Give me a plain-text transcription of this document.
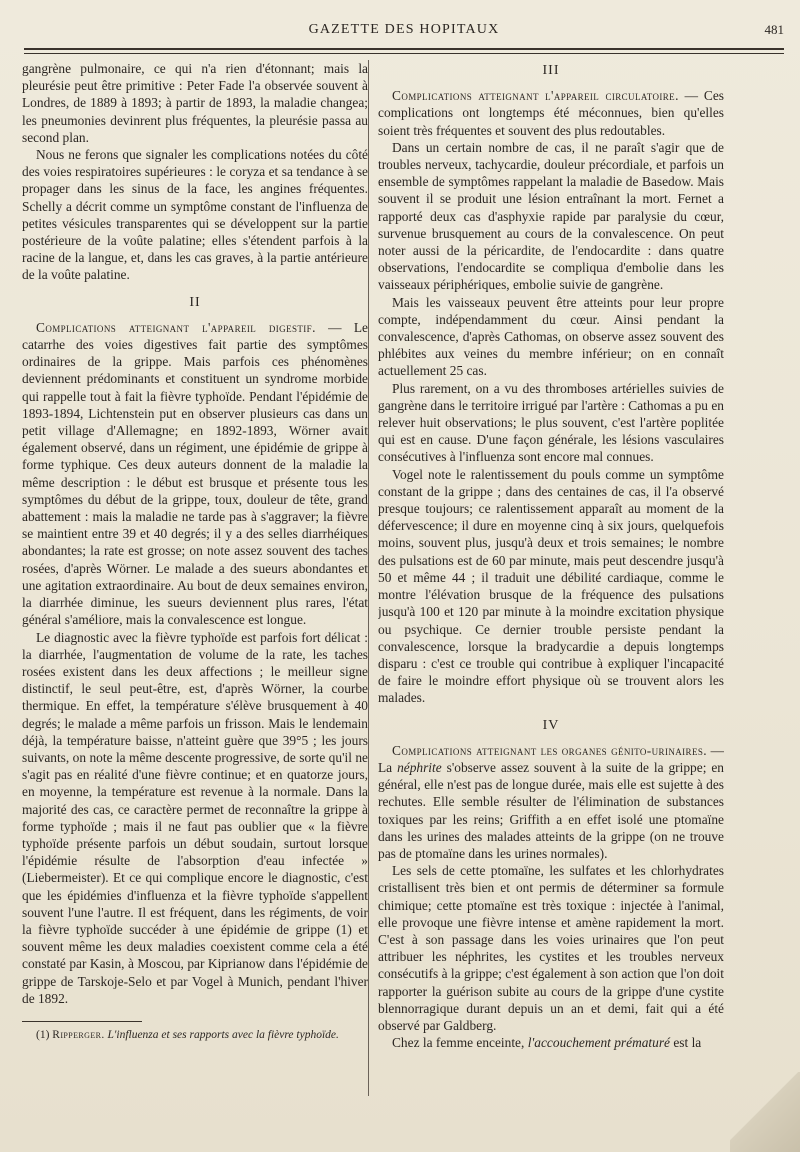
GAZETTE DES HOPITAUX	481

gangrène pulmonaire, ce qui n'a rien d'étonnant; mais la pleurésie peut être primitive : Peter Fade l'a observée souvent à Londres, de 1889 à 1893; à partir de 1893, la maladie changea; les pneumonies devinrent plus fréquentes, la pleurésie passa au second plan.

Nous ne ferons que signaler les complications notées du côté des voies respiratoires supérieures : le coryza et sa tendance à se propager dans les sinus de la face, les angines fréquentes. Schelly a décrit comme un symptôme constant de l'influenza de petites vésicules transparentes qui se développent sur la partie postérieure de la voûte palatine; elles s'étendent parfois à la racine de la langue, et, dans les cas graves, à la partie antérieure de la voûte palatine.

II

Complications atteignant l'appareil digestif. — Le catarrhe des voies digestives fait partie des symptômes ordinaires de la grippe. Mais parfois ces phénomènes deviennent prédominants et constituent un syndrome morbide qui rappelle tout à fait la fièvre typhoïde. Pendant l'épidémie de 1893-1894, Lichtenstein put en observer plusieurs cas dans un petit village d'Allemagne; en 1892-1893, Wörner avait également observé, dans un régiment, une épidémie de grippe à forme typhique. Ces deux auteurs donnent de la maladie la même description : le début est brusque et présente tous les symptômes du début de la grippe, toux, douleur de tête, grand abattement : mais la maladie ne tarde pas à s'aggraver; la fièvre se maintient entre 39 et 40 degrés; il y a des selles diarrhéiques abondantes; la rate est grosse; on note assez souvent des taches rosées, d'après Wörner. Le malade a des sueurs abondantes et une agitation extraordinaire. Au bout de deux semaines environ, la diarrhée diminue, les sueurs deviennent plus rares, l'état général s'améliore, mais la convalescence est longue.

Le diagnostic avec la fièvre typhoïde est parfois fort délicat : la diarrhée, l'augmentation de volume de la rate, les taches rosées existent dans les deux affections ; le meilleur signe distinctif, le seul peut-être, est, d'après Wörner, la courbe thermique. En effet, la température s'élève brusquement à 40 degrés; le malade a même parfois un frisson. Mais le lendemain déjà, la température baisse, n'atteint guère que 39°5 ; les jours suivants, on note la même descente progressive, de sorte qu'il ne s'agit pas en réalité d'une fièvre continue; et en quatorze jours, en moyenne, la température est revenue à la normale. Dans la majorité des cas, ce caractère permet de reconnaître la grippe à forme typhoïde ; mais il ne faut pas oublier que « la fièvre typhoïde présente parfois un début soudain, surtout lorsque l'épidémie résulte de l'absorption d'eau infectée » (Liebermeister). Et ce qui complique encore le diagnostic, c'est que les épidémies d'influenza et la fièvre typhoïde s'appellent souvent l'une l'autre. Il est fréquent, dans les régiments, de voir la fièvre typhoïde succéder à une épidémie de grippe (1) et souvent même les deux maladies coexistent comme cela a été constaté par Kasin, à Moscou, par Kiprianow dans l'épidémie de grippe de Tarskoje-Selo et par Vogel à Munich, pendant l'hiver de 1892.

(1) Ripperger. L'influenza et ses rapports avec la fièvre typhoïde.

III

Complications atteignant l'appareil circulatoire. — Ces complications ont longtemps été méconnues, bien qu'elles soient très fréquentes et souvent des plus redoutables.

Dans un certain nombre de cas, il ne paraît s'agir que de troubles nerveux, tachycardie, douleur précordiale, et parfois un ensemble de symptômes rappelant la maladie de Basedow. Mais souvent il se produit une lésion entraînant la mort. Fernet a rapporté deux cas d'asphyxie rapide par paralysie du cœur, survenue brusquement au cours de la convalescence. On peut noter aussi de la péricardite, de l'endocardite : dans quatre observations, l'endocardite se compliqua d'embolie dans les vaisseaux périphériques, embolie suivie de gangrène.

Mais les vaisseaux peuvent être atteints pour leur propre compte, indépendamment du cœur. Ainsi pendant la convalescence, d'après Cathomas, on observe assez souvent des phlébites aux veines du membre inférieur; on en connaît actuellement 25 cas.

Plus rarement, on a vu des thromboses artérielles suivies de gangrène dans le territoire irrigué par l'artère : Cathomas a pu en relever huit observations; le plus souvent, c'est l'artère poplitée qui est en cause. D'une façon générale, les lésions vasculaires consécutives à l'influenza sont encore mal connues.

Vogel note le ralentissement du pouls comme un symptôme constant de la grippe ; dans des centaines de cas, il l'a observé presque toujours; ce ralentissement apparaît au moment de la défervescence; il dure en moyenne cinq à six jours, quelquefois moins, souvent plus, jusqu'à deux et trois semaines; le nombre des pulsations est de 60 par minute, mais peut descendre jusqu'à 50 et même 44 ; il traduit une débilité cardiaque, comme le montre l'élévation brusque de la fréquence des pulsations jusqu'à 100 et 120 par minute à la moindre excitation physique ou psychique. Ce dernier trouble persiste pendant la convalescence, lorsque la bradycardie a depuis longtemps disparu : c'est ce trouble qui contribue à expliquer l'incapacité de faire le moindre effort physique où se trouvent alors les malades.

IV

Complications atteignant les organes génito-urinaires. — La néphrite s'observe assez souvent à la suite de la grippe; en général, elle n'est pas de longue durée, mais elle est sujette à des rechutes. Elle semble résulter de l'élimination de substances toxiques par les reins; Griffith a en effet isolé une ptomaïne dans les urines des malades atteints de la grippe (on ne trouve pas de ptomaïne dans les urines normales).

Les sels de cette ptomaïne, les sulfates et les chlorhydrates cristallisent très bien et ont permis de déterminer sa formule chimique; cette ptomaïne est très toxique : injectée à l'animal, elle provoque une fièvre intense et amène rapidement la mort. C'est à son passage dans les voies urinaires que l'on peut attribuer les néphrites, les cystites et les troubles nerveux consécutifs à la grippe; c'est également à son action que l'on doit rapporter la guérison subite au cours de la grippe d'une cystite blennorragique durant depuis un an et demi, fait qui a été observé par Galdberg.

Chez la femme enceinte, l'accouchement prématuré est la
